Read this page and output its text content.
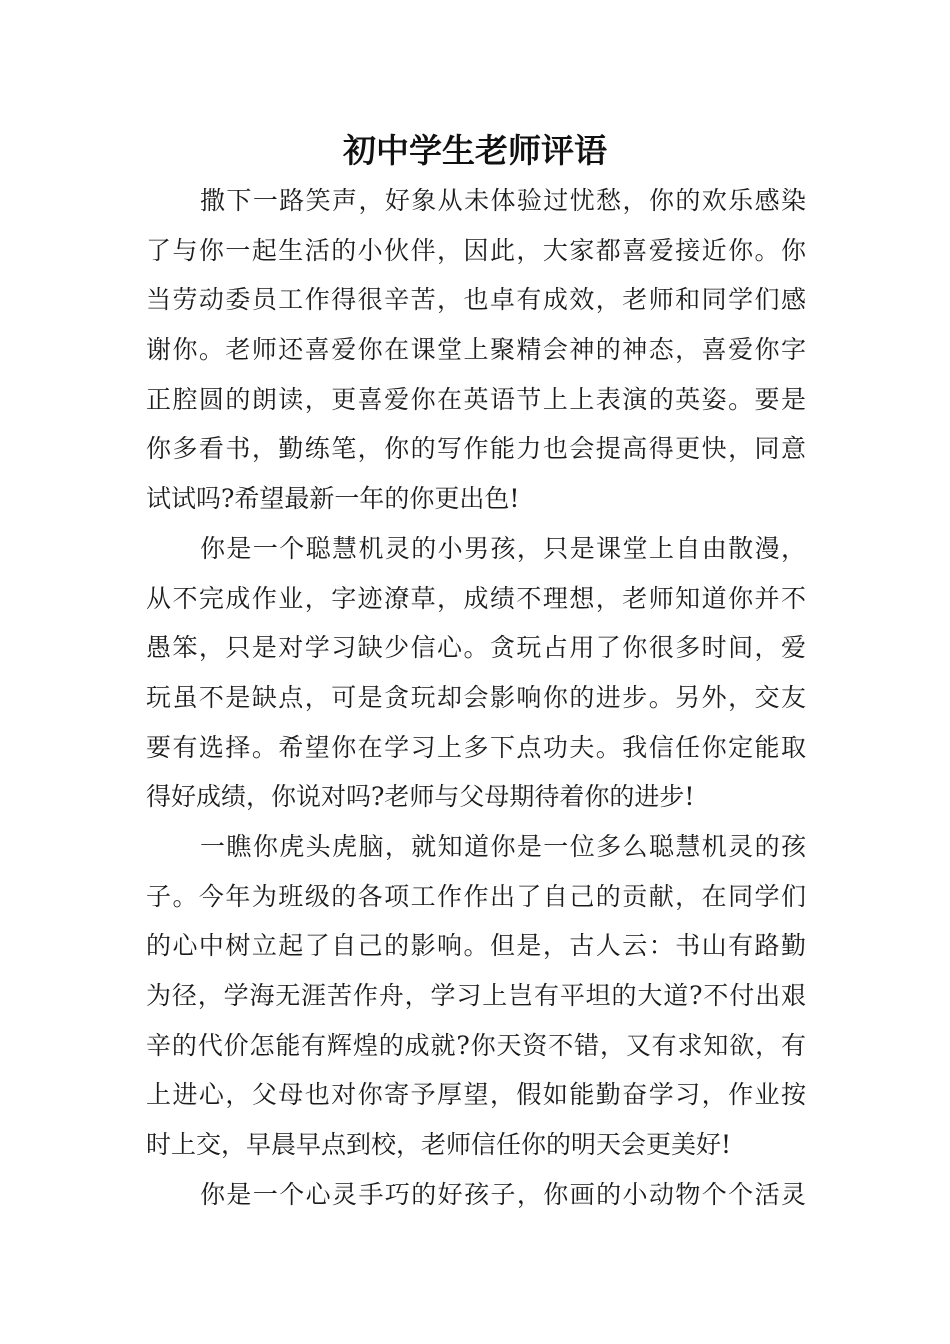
初中学生老师评语

撒下一路笑声，好象从未体验过忧愁，你的欢乐感染
了与你一起生活的小伙伴，因此，大家都喜爱接近你。你
当劳动委员工作得很辛苦，也卓有成效，老师和同学们感
谢你。老师还喜爱你在课堂上聚精会神的神态，喜爱你字
正腔圆的朗读，更喜爱你在英语节上上表演的英姿。要是
你多看书，勤练笔，你的写作能力也会提高得更快，同意
试试吗?希望最新一年的你更出色!

你是一个聪慧机灵的小男孩，只是课堂上自由散漫，
从不完成作业，字迹潦草，成绩不理想，老师知道你并不
愚笨，只是对学习缺少信心。贪玩占用了你很多时间，爱
玩虽不是缺点，可是贪玩却会影响你的进步。另外，交友
要有选择。希望你在学习上多下点功夫。我信任你定能取
得好成绩，你说对吗?老师与父母期待着你的进步!

一瞧你虎头虎脑，就知道你是一位多么聪慧机灵的孩
子。今年为班级的各项工作作出了自己的贡献，在同学们
的心中树立起了自己的影响。但是，古人云：书山有路勤
为径，学海无涯苦作舟，学习上岂有平坦的大道?不付出艰
辛的代价怎能有辉煌的成就?你天资不错，又有求知欲，有
上进心，父母也对你寄予厚望，假如能勤奋学习，作业按
时上交，早晨早点到校，老师信任你的明天会更美好!

你是一个心灵手巧的好孩子，你画的小动物个个活灵
